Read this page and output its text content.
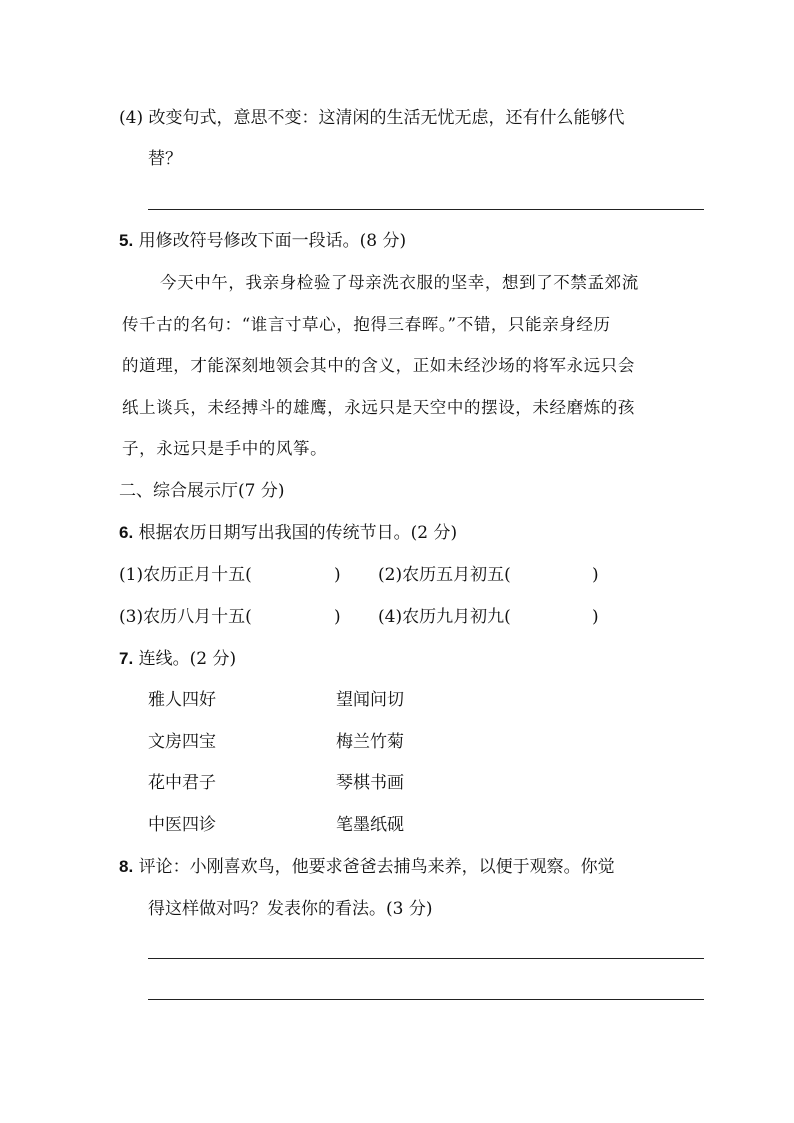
(4) 改变句式，意思不变：这清闲的生活无忧无虑，还有什么能够代
替？
5. 用修改符号修改下面一段话。(8 分)
今天中午，我亲身检验了母亲洗衣服的坚幸，想到了不禁孟郊流
传千古的名句：“谁言寸草心，抱得三春晖。”不错，只能亲身经历
的道理，才能深刻地领会其中的含义，正如未经沙场的将军永远只会
纸上谈兵，未经搏斗的雄鹰，永远只是天空中的摆设，未经磨炼的孩
子，永远只是手中的风筝。
二、综合展示厅(7 分)
6. 根据农历日期写出我国的传统节日。(2 分)
(1)农历正月十五(	) (2)农历五月初五(	)
(3)农历八月十五(	) (4)农历九月初九(	)
7. 连线。(2 分)
雅人四好	望闻问切
文房四宝	梅兰竹菊
花中君子	琴棋书画
中医四诊	笔墨纸砚
8. 评论：小刚喜欢鸟，他要求爸爸去捕鸟来养，以便于观察。你觉
得这样做对吗？发表你的看法。(3 分)
